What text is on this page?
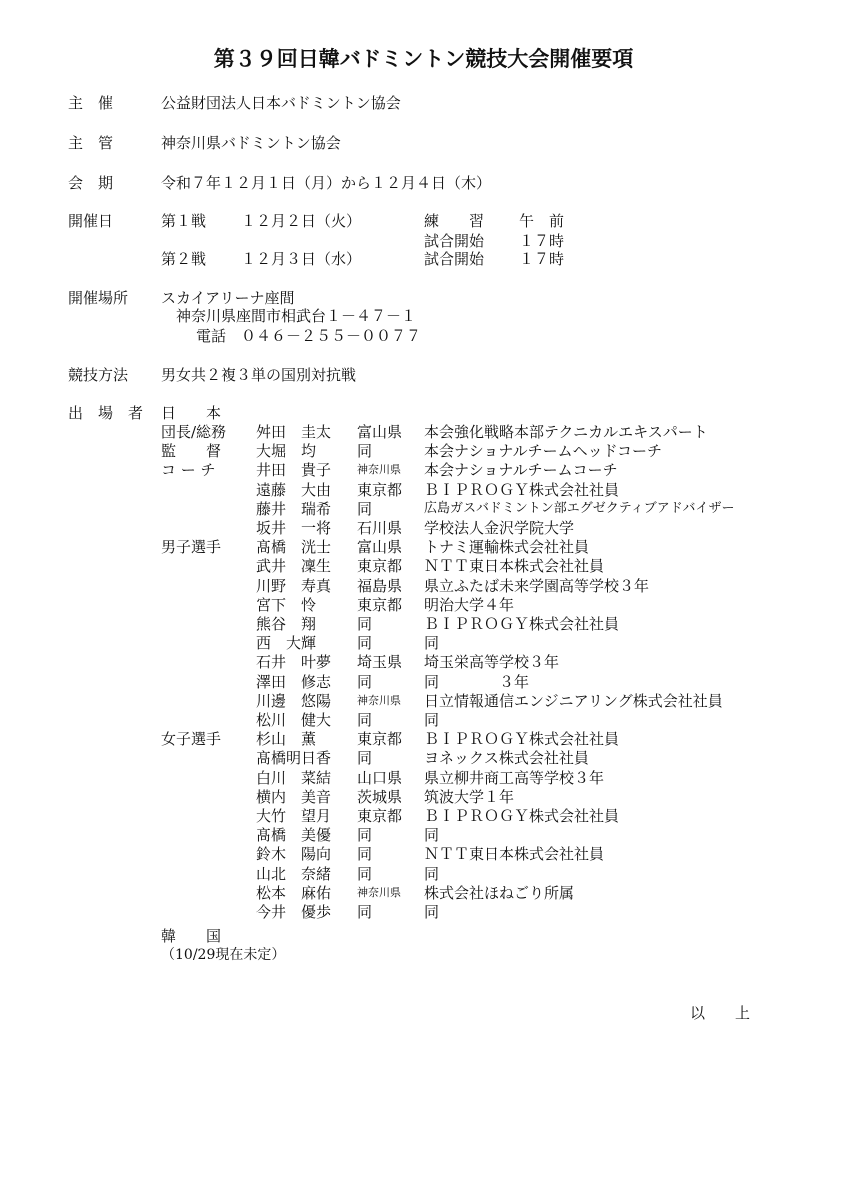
第３９回日韓バドミントン競技大会開催要項
主　催	公益財団法人日本バドミントン協会
主　管	神奈川県バドミントン協会
会　期	令和７年１２月１日（月）から１２月４日（木）
開催日	第１戦 １２月２日（火）	練　　習 午　前
試合開始 １７時
第２戦 １２月３日（水）	試合開始 １７時
開催場所 スカイアリーナ座間
神奈川県座間市相武台１－４７－１
電話　０４６－２５５－００７７
競技方法 男女共２複３単の国別対抗戦
出　場　者 日　　本
団長/総務 舛田　圭太 富山県 本会強化戦略本部テクニカルエキスパート
監　　督 大堀　均	同	本会ナショナルチームヘッドコーチ
コ ー チ	井田　貴子 神奈川県 本会ナショナルチームコーチ
遠藤　大由 東京都 ＢＩＰＲＯＧＹ株式会社社員
藤井　瑞希 同	広島ガスバドミントン部エグゼクティブアドバイザー
坂井　一将 石川県 学校法人金沢学院大学
男子選手 髙橋　洸士 富山県 トナミ運輸株式会社社員
武井　凜生 東京都 ＮＴＴ東日本株式会社社員
川野　寿真 福島県 県立ふたば未来学園高等学校３年
宮下　怜	東京都 明治大学４年
熊谷　翔	同	ＢＩＰＲＯＧＹ株式会社社員
西　大輝	同	同
石井　叶夢 埼玉県 埼玉栄高等学校３年
澤田　修志 同	同　　　　３年
川邊　悠陽 神奈川県 日立情報通信エンジニアリング株式会社社員
松川　健大 同	同
女子選手 杉山　薫	東京都 ＢＩＰＲＯＧＹ株式会社社員
髙橋明日香 同	ヨネックス株式会社社員
白川　菜結 山口県 県立柳井商工高等学校３年
横内　美音 茨城県 筑波大学１年
大竹　望月 東京都 ＢＩＰＲＯＧＹ株式会社社員
髙橋　美優 同	同
鈴木　陽向 同	ＮＴＴ東日本株式会社社員
山北　奈緒 同	同
松本　麻佑 神奈川県 株式会社ほねごり所属
今井　優歩 同	同
韓　　国
（10/29現在未定）
以　　上
